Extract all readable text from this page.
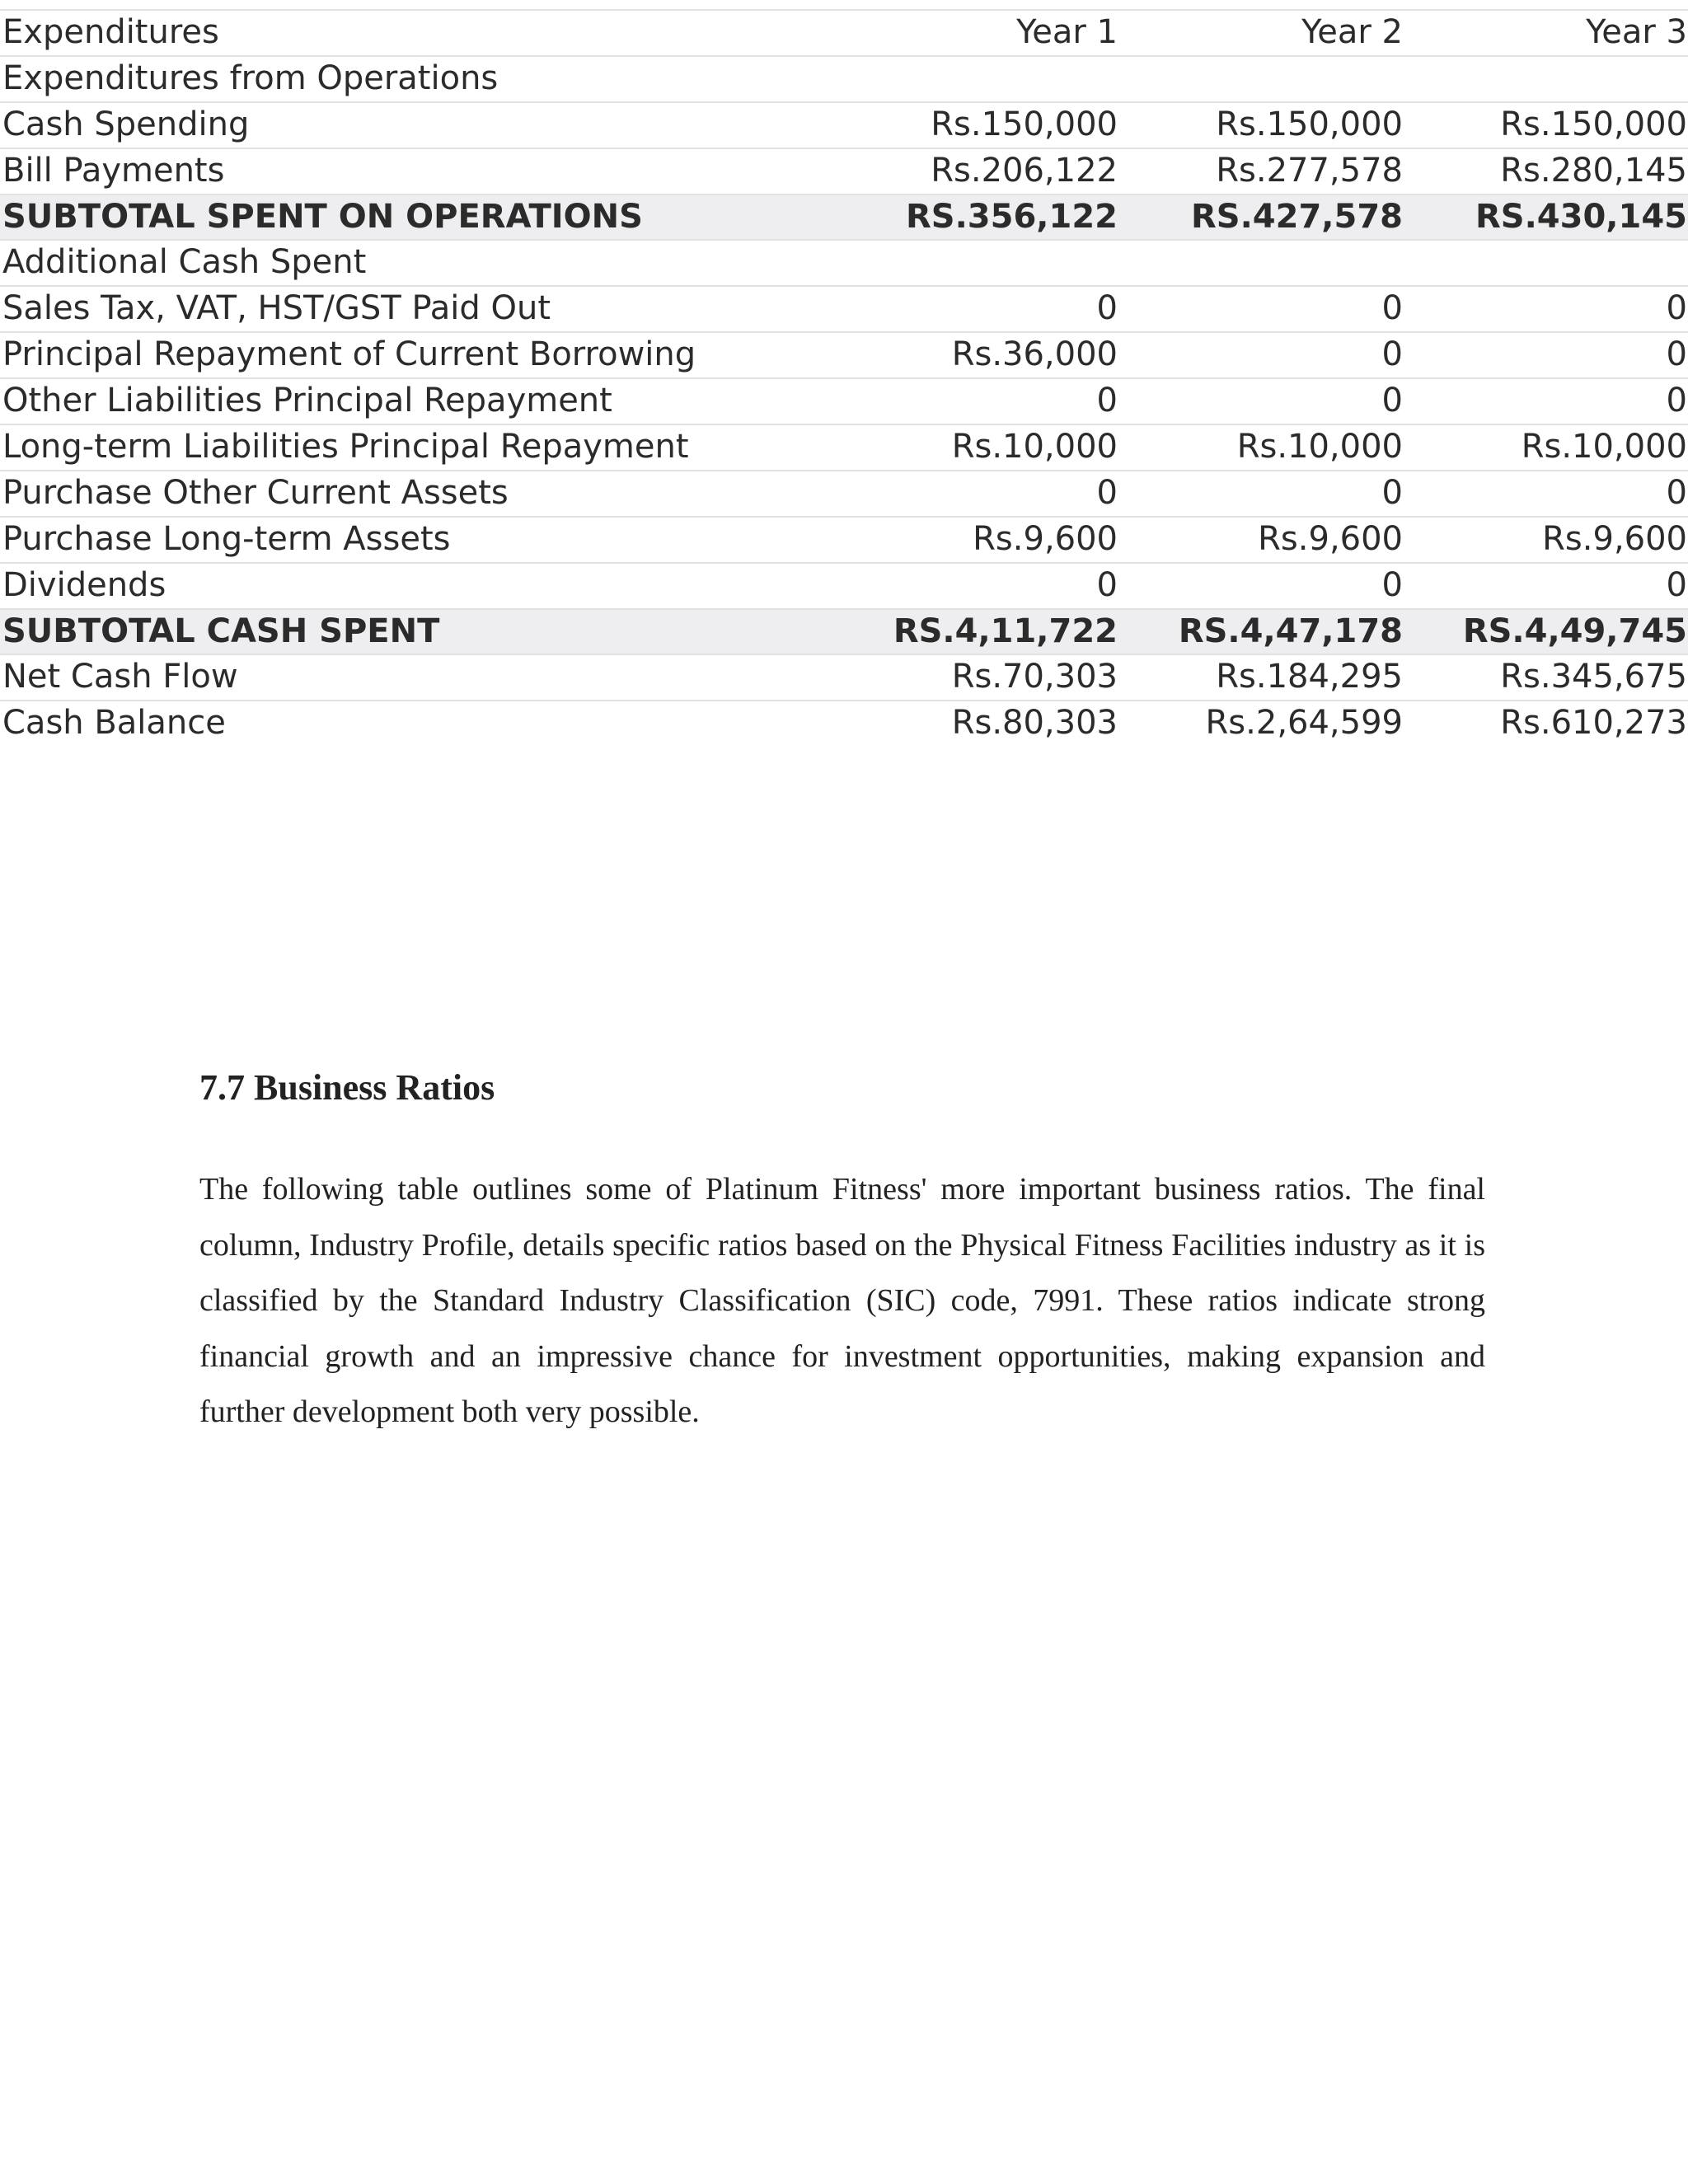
Expenditures	Year 1	Year 2	Year 3
Expenditures from Operations
Cash Spending	Rs.150,000	Rs.150,000	Rs.150,000
Bill Payments	Rs.206,122	Rs.277,578	Rs.280,145
SUBTOTAL SPENT ON OPERATIONS	RS.356,122	RS.427,578	RS.430,145
Additional Cash Spent
Sales Tax, VAT, HST/GST Paid Out	0	0	0
Principal Repayment of Current Borrowing	Rs.36,000	0	0
Other Liabilities Principal Repayment	0	0	0
Long-term Liabilities Principal Repayment	Rs.10,000	Rs.10,000	Rs.10,000
Purchase Other Current Assets	0	0	0
Purchase Long-term Assets	Rs.9,600	Rs.9,600	Rs.9,600
Dividends	0	0	0
SUBTOTAL CASH SPENT	RS.4,11,722	RS.4,47,178	RS.4,49,745
Net Cash Flow	Rs.70,303	Rs.184,295	Rs.345,675
Cash Balance	Rs.80,303	Rs.2,64,599	Rs.610,273
7.7 Business Ratios

The following table outlines some of Platinum Fitness' more important business ratios. The final column, Industry Profile, details specific ratios based on the Physical Fitness Facilities industry as it is classified by the Standard Industry Classification (SIC) code, 7991. These ratios indicate strong financial growth and an impressive chance for investment opportunities, making expansion and further development both very possible.
